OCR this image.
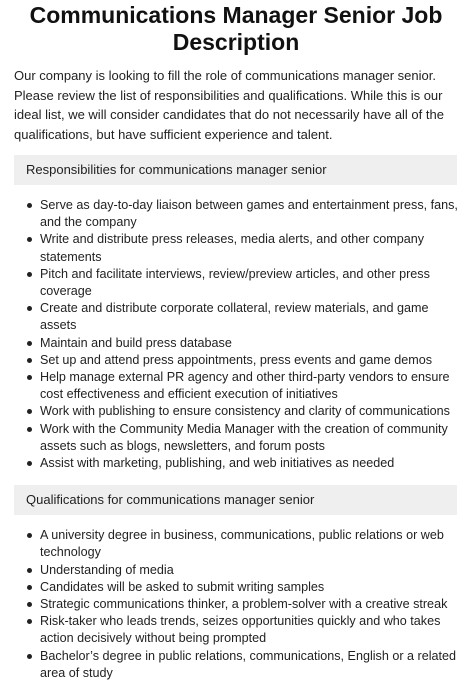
Communications Manager Senior Job Description

Our company is looking to fill the role of communications manager senior. Please review the list of responsibilities and qualifications. While this is our ideal list, we will consider candidates that do not necessarily have all of the qualifications, but have sufficient experience and talent.

Responsibilities for communications manager senior
Serve as day-to-day liaison between games and entertainment press, fans, and the company
Write and distribute press releases, media alerts, and other company statements
Pitch and facilitate interviews, review/preview articles, and other press coverage
Create and distribute corporate collateral, review materials, and game assets
Maintain and build press database
Set up and attend press appointments, press events and game demos
Help manage external PR agency and other third-party vendors to ensure cost effectiveness and efficient execution of initiatives
Work with publishing to ensure consistency and clarity of communications
Work with the Community Media Manager with the creation of community assets such as blogs, newsletters, and forum posts
Assist with marketing, publishing, and web initiatives as needed
Qualifications for communications manager senior
A university degree in business, communications, public relations or web technology
Understanding of media
Candidates will be asked to submit writing samples
Strategic communications thinker, a problem-solver with a creative streak
Risk-taker who leads trends, seizes opportunities quickly and who takes action decisively without being prompted
Bachelor’s degree in public relations, communications, English or a related area of study
